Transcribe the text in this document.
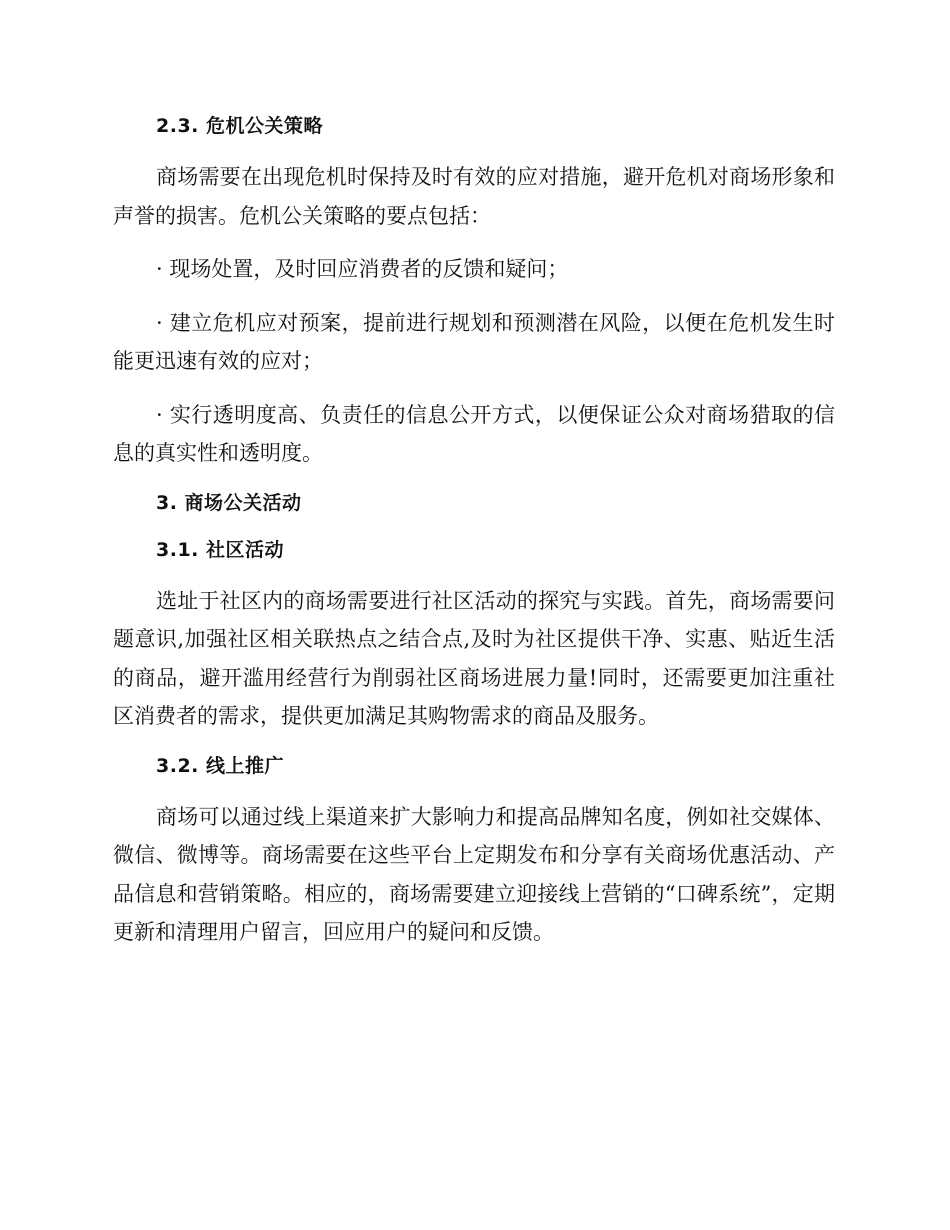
2.3. 危机公关策略

商场需要在出现危机时保持及时有效的应对措施，避开危机对商场形象和声誉的损害。危机公关策略的要点包括：

· 现场处置，及时回应消费者的反馈和疑问；

· 建立危机应对预案，提前进行规划和预测潜在风险，以便在危机发生时能更迅速有效的应对；

· 实行透明度高、负责任的信息公开方式，以便保证公众对商场猎取的信息的真实性和透明度。

3. 商场公关活动
3.1. 社区活动

选址于社区内的商场需要进行社区活动的探究与实践。首先，商场需要问题意识,加强社区相关联热点之结合点,及时为社区提供干净、实惠、贴近生活的商品，避开滥用经营行为削弱社区商场进展力量!同时，还需要更加注重社区消费者的需求，提供更加满足其购物需求的商品及服务。

3.2. 线上推广

商场可以通过线上渠道来扩大影响力和提高品牌知名度，例如社交媒体、微信、微博等。商场需要在这些平台上定期发布和分享有关商场优惠活动、产品信息和营销策略。相应的，商场需要建立迎接线上营销的“口碑系统”，定期更新和清理用户留言，回应用户的疑问和反馈。
